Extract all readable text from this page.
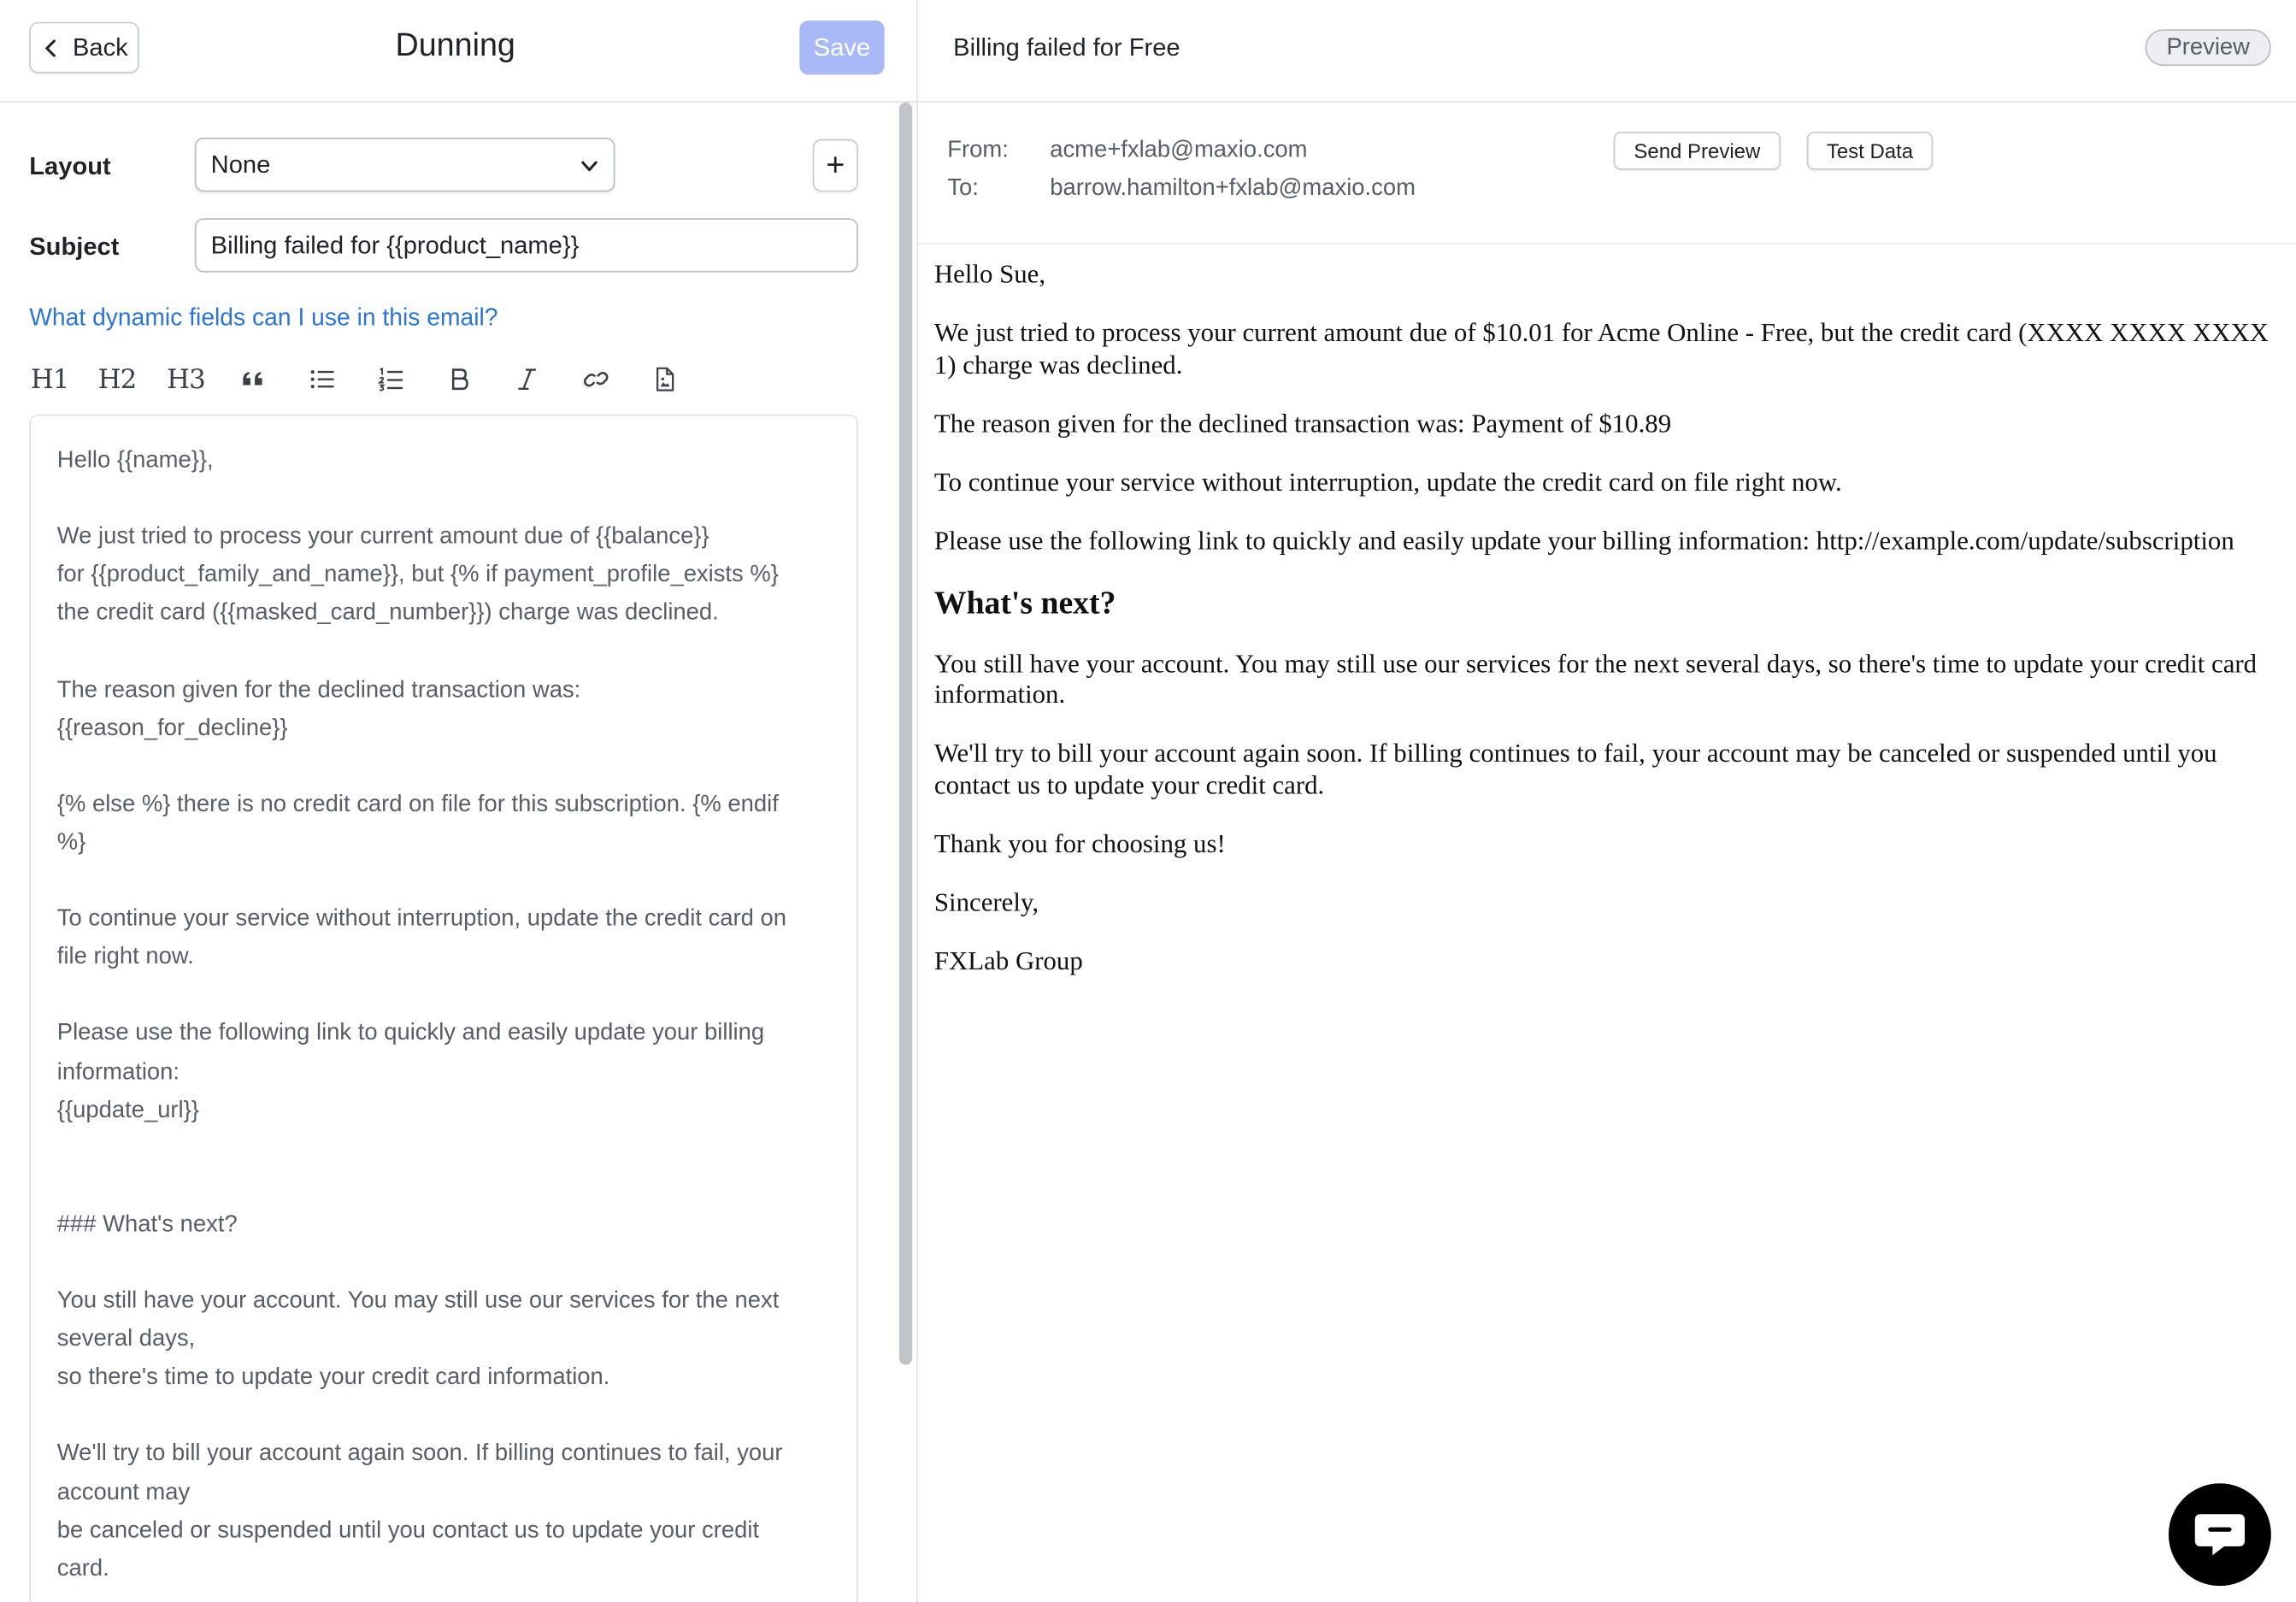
Back	Dunning	Save
Layout	None	+
Subject	Billing failed for {{product_name}}
What dynamic fields can I use in this email?
H1 H2 H3
Hello {{name}},

We just tried to process your current amount due of {{balance}}
for {{product_family_and_name}}, but {% if payment_profile_exists %}
the credit card ({{masked_card_number}}) charge was declined.

The reason given for the declined transaction was:
{{reason_for_decline}}

{% else %} there is no credit card on file for this subscription. {% endif
%}

To continue your service without interruption, update the credit card on
file right now.

Please use the following link to quickly and easily update your billing
information:
{{update_url}}

### What's next?

You still have your account. You may still use our services for the next
several days,
so there's time to update your credit card information.

We'll try to bill your account again soon. If billing continues to fail, your
account may
be canceled or suspended until you contact us to update your credit
card.
Billing failed for Free	Preview
From:	acme+fxlab@maxio.com
To:	barrow.hamilton+fxlab@maxio.com
Send Preview	Test Data

Hello Sue,

We just tried to process your current amount due of $10.01 for Acme Online - Free, but the credit card (XXXX XXXX XXXX 1) charge was declined.

The reason given for the declined transaction was: Payment of $10.89

To continue your service without interruption, update the credit card on file right now.

Please use the following link to quickly and easily update your billing information: http://example.com/update/subscription

What's next?

You still have your account. You may still use our services for the next several days, so there's time to update your credit card information.

We'll try to bill your account again soon. If billing continues to fail, your account may be canceled or suspended until you contact us to update your credit card.

Thank you for choosing us!

Sincerely,

FXLab Group
